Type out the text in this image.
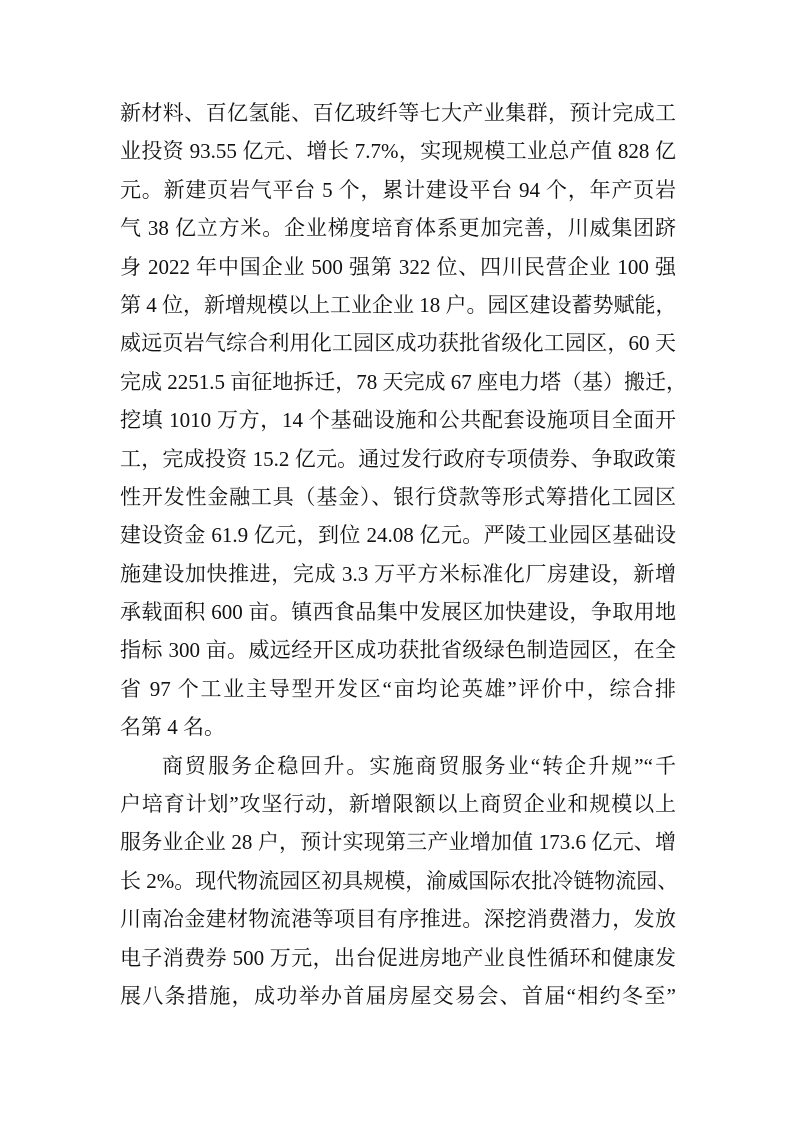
新材料、百亿氢能、百亿玻纤等七大产业集群，预计完成工
业投资 93.55 亿元、增长 7.7%，实现规模工业总产值 828 亿
元。新建页岩气平台 5 个，累计建设平台 94 个，年产页岩
气 38 亿立方米。企业梯度培育体系更加完善，川威集团跻
身 2022 年中国企业 500 强第 322 位、四川民营企业 100 强
第 4 位，新增规模以上工业企业 18 户。园区建设蓄势赋能，
威远页岩气综合利用化工园区成功获批省级化工园区，60 天
完成 2251.5 亩征地拆迁，78 天完成 67 座电力塔（基）搬迁，
挖填 1010 万方，14 个基础设施和公共配套设施项目全面开
工，完成投资 15.2 亿元。通过发行政府专项债券、争取政策
性开发性金融工具（基金）、银行贷款等形式筹措化工园区
建设资金 61.9 亿元，到位 24.08 亿元。严陵工业园区基础设
施建设加快推进，完成 3.3 万平方米标准化厂房建设，新增
承载面积 600 亩。镇西食品集中发展区加快建设，争取用地
指标 300 亩。威远经开区成功获批省级绿色制造园区，在全
省 97 个工业主导型开发区“亩均论英雄”评价中，综合排
名第 4 名。
商贸服务企稳回升。实施商贸服务业“转企升规”“千
户培育计划”攻坚行动，新增限额以上商贸企业和规模以上
服务业企业 28 户，预计实现第三产业增加值 173.6 亿元、增
长 2%。现代物流园区初具规模，渝威国际农批冷链物流园、
川南冶金建材物流港等项目有序推进。深挖消费潜力，发放
电子消费券 500 万元，出台促进房地产业良性循环和健康发
展八条措施，成功举办首届房屋交易会、首届“相约冬至”
